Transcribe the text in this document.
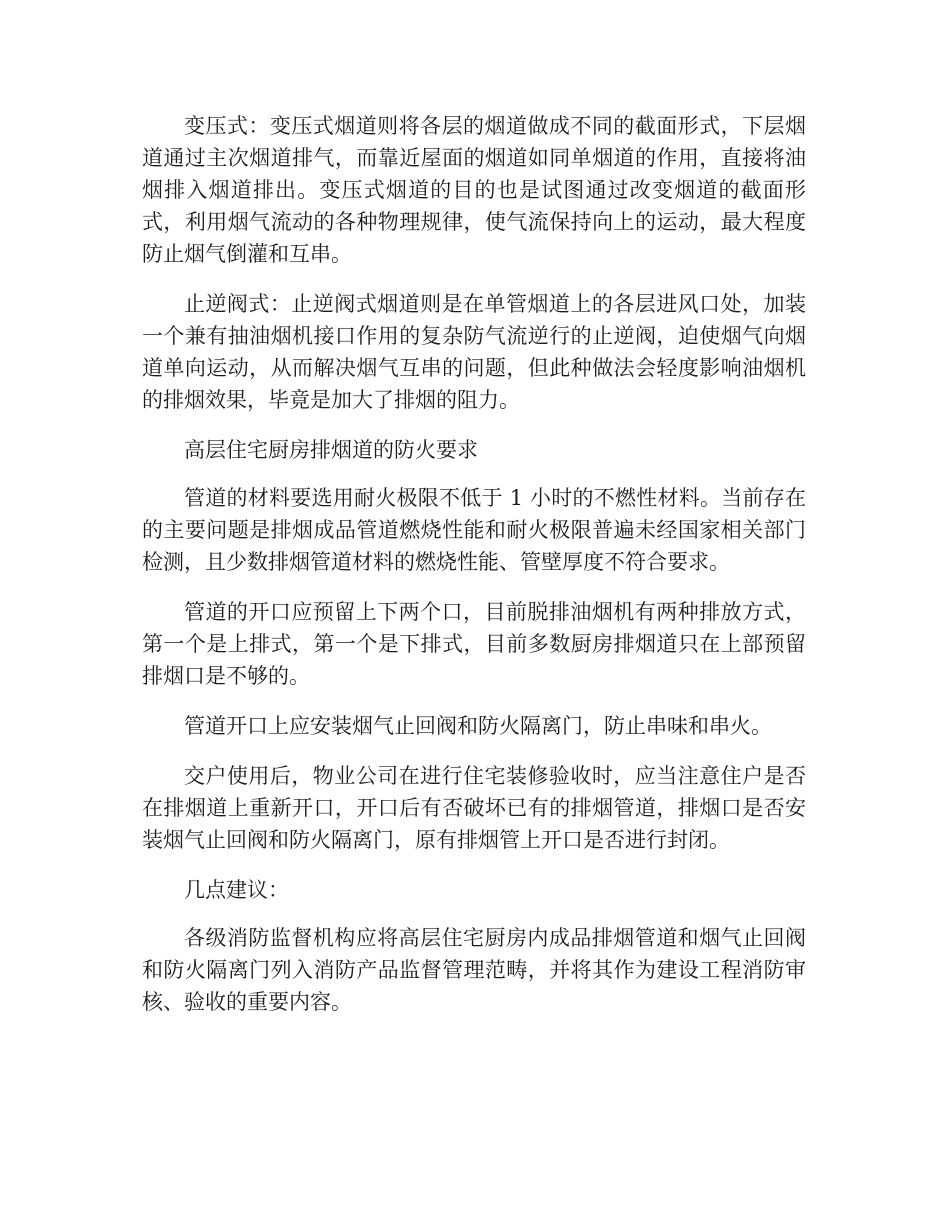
变压式：变压式烟道则将各层的烟道做成不同的截面形式，下层烟道通过主次烟道排气，而靠近屋面的烟道如同单烟道的作用，直接将油烟排入烟道排出。变压式烟道的目的也是试图通过改变烟道的截面形式，利用烟气流动的各种物理规律，使气流保持向上的运动，最大程度防止烟气倒灌和互串。

止逆阀式：止逆阀式烟道则是在单管烟道上的各层进风口处，加装一个兼有抽油烟机接口作用的复杂防气流逆行的止逆阀，迫使烟气向烟道单向运动，从而解决烟气互串的问题，但此种做法会轻度影响油烟机的排烟效果，毕竟是加大了排烟的阻力。

高层住宅厨房排烟道的防火要求

管道的材料要选用耐火极限不低于 1 小时的不燃性材料。当前存在的主要问题是排烟成品管道燃烧性能和耐火极限普遍未经国家相关部门检测，且少数排烟管道材料的燃烧性能、管壁厚度不符合要求。

管道的开口应预留上下两个口，目前脱排油烟机有两种排放方式，第一个是上排式，第一个是下排式，目前多数厨房排烟道只在上部预留排烟口是不够的。

管道开口上应安装烟气止回阀和防火隔离门，防止串味和串火。

交户使用后，物业公司在进行住宅装修验收时，应当注意住户是否在排烟道上重新开口，开口后有否破坏已有的排烟管道，排烟口是否安装烟气止回阀和防火隔离门，原有排烟管上开口是否进行封闭。

几点建议：

各级消防监督机构应将高层住宅厨房内成品排烟管道和烟气止回阀和防火隔离门列入消防产品监督管理范畴，并将其作为建设工程消防审核、验收的重要内容。
